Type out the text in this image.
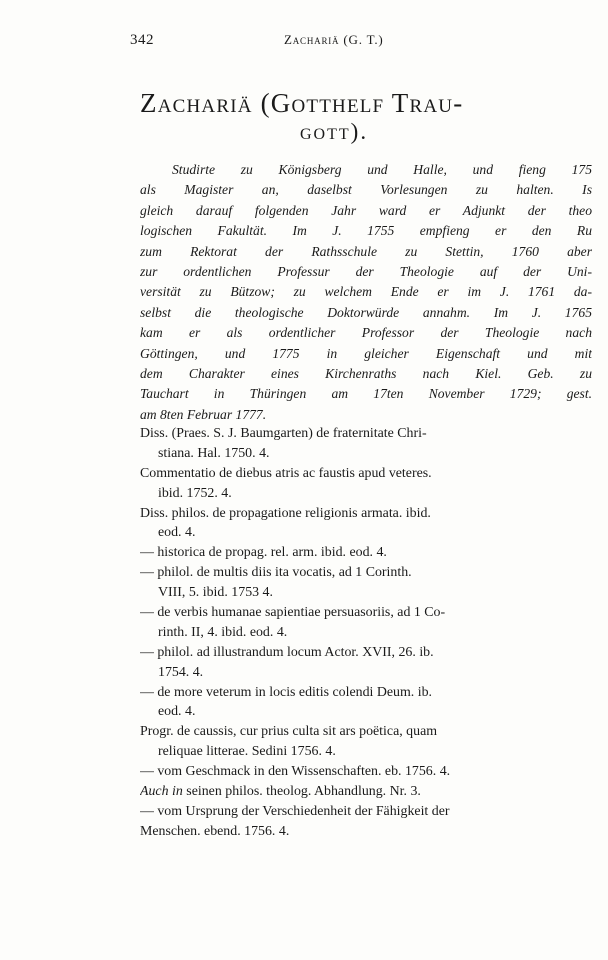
342	Zachariä (G. T.)
Zachariä (Gotthelf Trau-
gott).
Studirte zu Königsberg und Halle, und fieng 175
als Magister an, daselbst Vorlesungen zu halten. Is
gleich darauf folgenden Jahr ward er Adjunkt der theo
logischen Fakultät. Im J. 1755 empfieng er den Ru
zum Rektorat der Rathsschule zu Stettin, 1760 aber
zur ordentlichen Professur der Theologie auf der Uni-
versität zu Bützow; zu welchem Ende er im J. 1761 da-
selbst die theologische Doktorwürde annahm. Im J. 1765
kam er als ordentlicher Professor der Theologie nach
Göttingen, und 1775 in gleicher Eigenschaft und mit
dem Charakter eines Kirchenraths nach Kiel. Geb. zu
Tauchart in Thüringen am 17ten November 1729; gest.
am 8ten Februar 1777.
Diss. (Praes. S. J. Baumgarten) de fraternitate Chri-
stiana. Hal. 1750. 4.
Commentatio de diebus atris ac faustis apud veteres.
ibid. 1752. 4.
Diss. philos. de propagatione religionis armata. ibid.
eod. 4.
— historica de propag. rel. arm. ibid. eod. 4.
— philol. de multis diis ita vocatis, ad 1 Corinth.
VIII, 5. ibid. 1753 4.
— de verbis humanae sapientiae persuasoriis, ad 1 Co-
rinth. II, 4. ibid. eod. 4.
— philol. ad illustrandum locum Actor. XVII, 26. ib.
1754. 4.
— de more veterum in locis editis colendi Deum. ib.
eod. 4.
Progr. de caussis, cur prius culta sit ars poëtica, quam
reliquae litterae. Sedini 1756. 4.
— vom Geschmack in den Wissenschaften. eb. 1756. 4.
Auch in seinen philos. theolog. Abhandlung. Nr. 3.
— vom Ursprung der Verschiedenheit der Fähigkeit der
Menschen. ebend. 1756. 4.
